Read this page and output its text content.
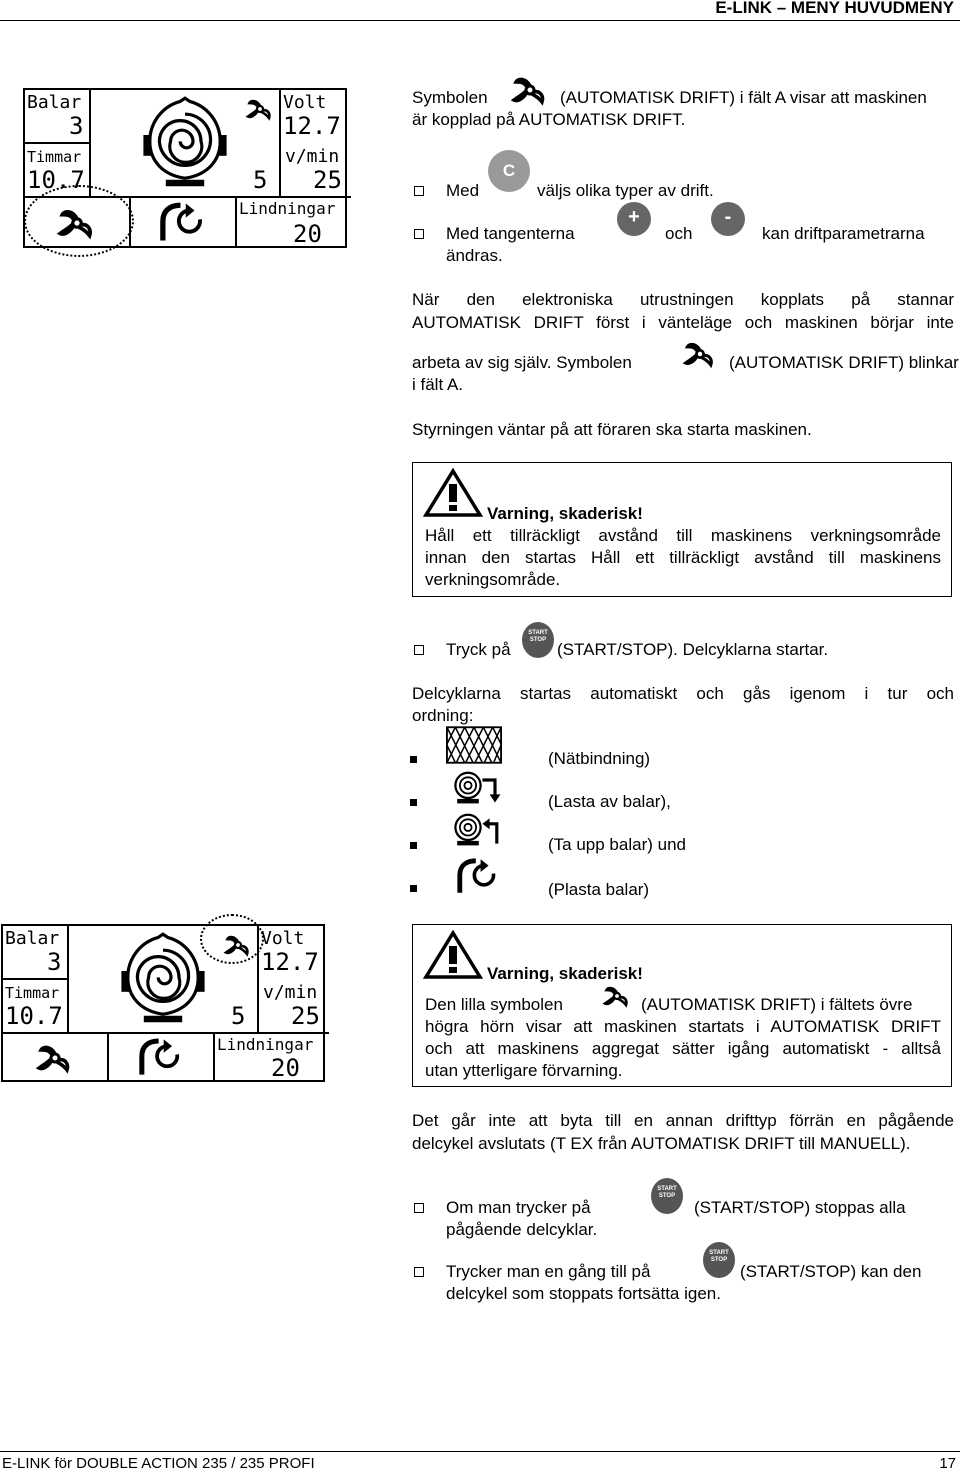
E-LINK – MENY HUVUDMENY
Balar
3
Timmar
10.7	5
Volt
12.7
v/min
25
Lindningar
20
Symbolen	(AUTOMATISK DRIFT) i fält A visar att maskinen
är kopplad på AUTOMATISK DRIFT.
Med
C
väljs olika typer av drift.
Med tangenterna
+
och
-
kan driftparametrarna
ändras.
När den elektroniska utrustningen kopplats på stannar
AUTOMATISK DRIFT först i vänteläge och maskinen börjar inte
arbeta av sig själv. Symbolen	(AUTOMATISK DRIFT) blinkar
i fält A.
Styrningen väntar på att föraren ska starta maskinen.
Varning, skaderisk!
Håll ett tillräckligt avstånd till maskinens verkningsområde
innan den startas Håll ett tillräckligt avstånd till maskinens
verkningsområde.
Tryck på
START
STOP (START/STOP). Delcyklarna startar.
Delcyklarna startas automatiskt och gås igenom i tur och
ordning:
(Nätbindning)
(Lasta av balar),
(Ta upp balar) und
(Plasta balar)
Balar
3
Timmar
10.7	5
Volt
12.7
v/min
25
Lindningar
20
Varning, skaderisk!
Den lilla symbolen	(AUTOMATISK DRIFT) i fältets övre
högra hörn visar att maskinen startats i AUTOMATISK DRIFT
och att maskinens aggregat sätter igång automatiskt - alltså
utan ytterligare förvarning.
Det går inte att byta till en annan drifttyp förrän en pågående
delcykel avslutats (T EX från AUTOMATISK DRIFT till MANUELL).
Om man trycker på
START
STOP
(START/STOP) stoppas alla
pågående delcyklar.
Trycker man en gång till på
START
STOP
(START/STOP) kan den
delcykel som stoppats fortsätta igen.
E-LINK för DOUBLE ACTION 235 / 235 PROFI	17
